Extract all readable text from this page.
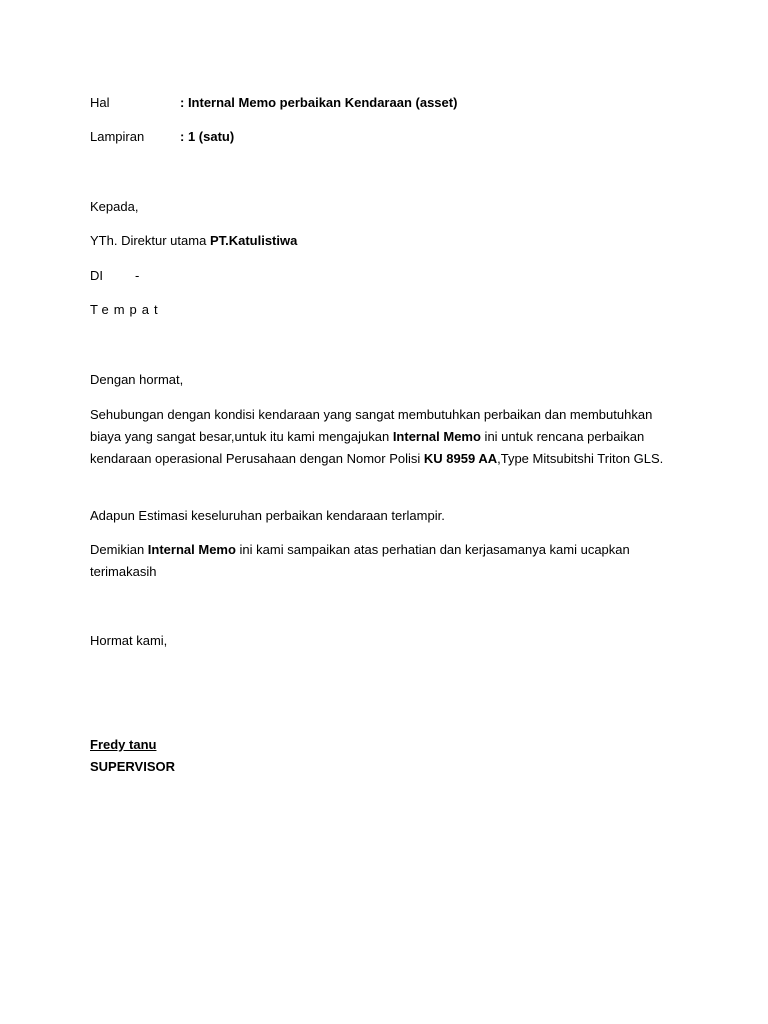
Hal	: Internal Memo perbaikan Kendaraan (asset)
Lampiran	: 1 (satu)
Kepada,
YTh. Direktur utama PT.Katulistiwa
DI -
Tempat
Dengan hormat,
Sehubungan dengan kondisi kendaraan yang sangat membutuhkan perbaikan dan membutuhkan biaya yang sangat besar,untuk itu kami mengajukan Internal Memo ini untuk rencana perbaikan kendaraan operasional Perusahaan dengan Nomor Polisi KU 8959 AA,Type Mitsubitshi Triton GLS.
Adapun Estimasi keseluruhan perbaikan kendaraan terlampir.
Demikian Internal Memo ini kami sampaikan atas perhatian dan kerjasamanya kami ucapkan terimakasih
Hormat kami,
Fredy tanu
SUPERVISOR
